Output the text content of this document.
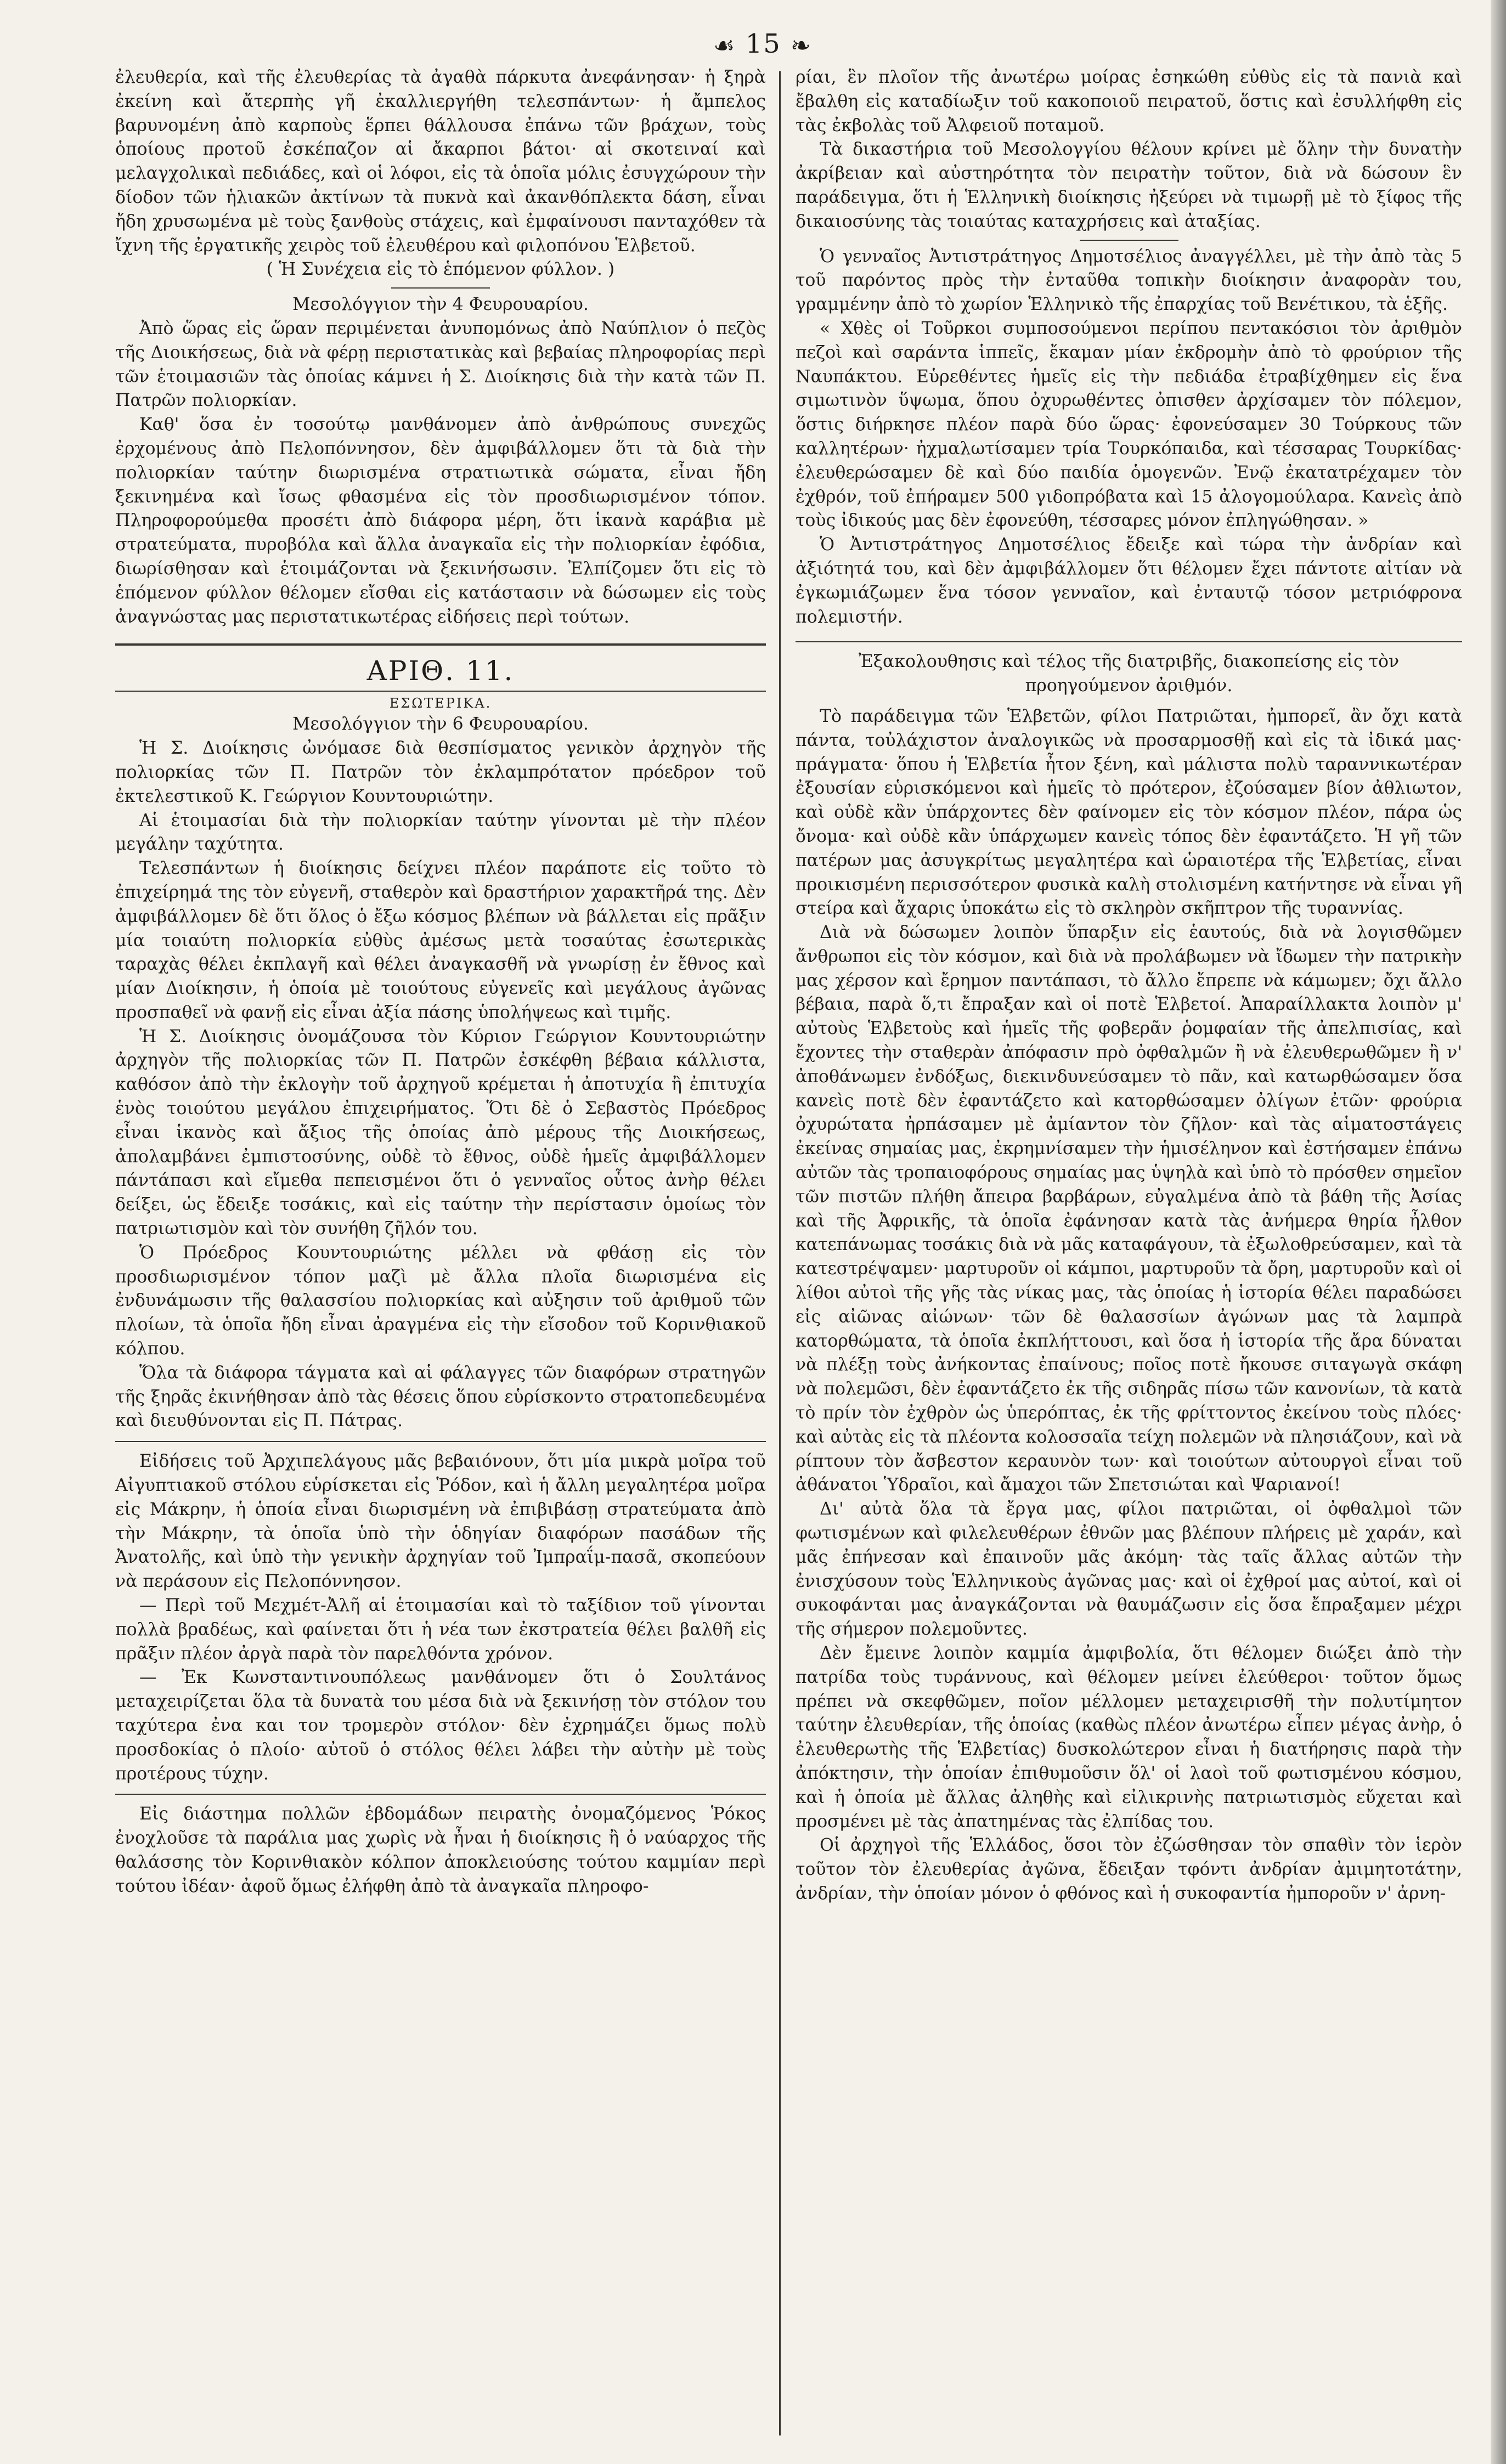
☙ 15 ❧

ἐλευθερία, καὶ τῆς ἐλευθερίας τὰ ἀγαθὰ πάρκυτα ἀνεφάνησαν· ἡ ξηρὰ ἐκείνη καὶ ἄτερπὴς γῆ ἐκαλλιεργήθη τελεσπάντων· ἡ ἄμπελος βαρυνομένη ἀπὸ καρποὺς ἕρπει θάλλουσα ἐπάνω τῶν βράχων, τοὺς ὁποίους προτοῦ ἐσκέπαζον αἱ ἄκαρποι βάτοι· αἱ σκοτειναί καὶ μελαγχολικαὶ πεδιάδες, καὶ οἱ λόφοι, εἰς τὰ ὁποῖα μόλις ἐσυγχώρουν τὴν δίοδον τῶν ἡλιακῶν ἀκτίνων τὰ πυκνὰ καὶ ἀκανθόπλεκτα δάση, εἶναι ἤδη χρυσωμένα μὲ τοὺς ξανθοὺς στάχεις, καὶ ἐμφαίνουσι πανταχόθεν τὰ ἴχνη τῆς ἐργατικῆς χειρὸς τοῦ ἐλευθέρου καὶ φιλοπόνου Ἑλβετοῦ.

( Ἡ Συνέχεια εἰς τὸ ἑπόμενον φύλλον. )

Μεσολόγγιον τὴν 4 Φευρουαρίου.

Ἀπὸ ὥρας εἰς ὥραν περιμένεται ἀνυπομόνως ἀπὸ Ναύπλιον ὁ πεζὸς τῆς Διοικήσεως, διὰ νὰ φέρῃ περιστατικὰς καὶ βεβαίας πληροφορίας περὶ τῶν ἑτοιμασιῶν τὰς ὁποίας κάμνει ἡ Σ. Διοίκησις διὰ τὴν κατὰ τῶν Π. Πατρῶν πολιορκίαν.

Καθ' ὅσα ἐν τοσούτῳ μανθάνομεν ἀπὸ ἀνθρώπους συνεχῶς ἐρχομένους ἀπὸ Πελοπόννησον, δὲν ἀμφιβάλλομεν ὅτι τὰ διὰ τὴν πολιορκίαν ταύτην διωρισμένα στρατιωτικὰ σώματα, εἶναι ἤδη ξεκινημένα καὶ ἴσως φθασμένα εἰς τὸν προσδιωρισμένον τόπον. Πληροφορούμεθα προσέτι ἀπὸ διάφορα μέρη, ὅτι ἱκανὰ καράβια μὲ στρατεύματα, πυροβόλα καὶ ἄλλα ἀναγκαῖα εἰς τὴν πολιορκίαν ἐφόδια, διωρίσθησαν καὶ ἑτοιμάζονται νὰ ξεκινήσωσιν. Ἐλπίζομεν ὅτι εἰς τὸ ἑπόμενον φύλλον θέλομεν εἴσθαι εἰς κατάστασιν νὰ δώσωμεν εἰς τοὺς ἀναγνώστας μας περιστατικωτέρας εἰδήσεις περὶ τούτων.

ΑΡΙΘ. 11.

ΕΣΩΤΕΡΙΚΑ.

Μεσολόγγιον τὴν 6 Φευρουαρίου.

Ἡ Σ. Διοίκησις ὠνόμασε διὰ θεσπίσματος γενικὸν ἀρχηγὸν τῆς πολιορκίας τῶν Π. Πατρῶν τὸν ἐκλαμπρότατον πρόεδρον τοῦ ἐκτελεστικοῦ Κ. Γεώργιον Κουντουριώτην.

Αἱ ἑτοιμασίαι διὰ τὴν πολιορκίαν ταύτην γίνονται μὲ τὴν πλέον μεγάλην ταχύτητα.

Τελεσπάντων ἡ διοίκησις δείχνει πλέον παράποτε εἰς τοῦτο τὸ ἐπιχείρημά της τὸν εὐγενῆ, σταθερὸν καὶ δραστήριον χαρακτῆρά της. Δὲν ἀμφιβάλλομεν δὲ ὅτι ὅλος ὁ ἔξω κόσμος βλέπων νὰ βάλλεται εἰς πρᾶξιν μία τοιαύτη πολιορκία εὐθὺς ἀμέσως μετὰ τοσαύτας ἐσωτερικὰς ταραχὰς θέλει ἐκπλαγῆ καὶ θέλει ἀναγκασθῆ νὰ γνωρίσῃ ἐν ἔθνος καὶ μίαν Διοίκησιν, ἡ ὁποία μὲ τοιούτους εὐγενεῖς καὶ μεγάλους ἀγῶνας προσπαθεῖ νὰ φανῇ εἰς εἶναι ἀξία πάσης ὑπολήψεως καὶ τιμῆς.

Ἡ Σ. Διοίκησις ὀνομάζουσα τὸν Κύριον Γεώργιον Κουντουριώτην ἀρχηγὸν τῆς πολιορκίας τῶν Π. Πατρῶν ἐσκέφθη βέβαια κάλλιστα, καθόσον ἀπὸ τὴν ἐκλογὴν τοῦ ἀρχηγοῦ κρέμεται ἡ ἀποτυχία ἢ ἐπιτυχία ἑνὸς τοιούτου μεγάλου ἐπιχειρήματος. Ὅτι δὲ ὁ Σεβαστὸς Πρόεδρος εἶναι ἱκανὸς καὶ ἄξιος τῆς ὁποίας ἀπὸ μέρους τῆς Διοικήσεως, ἀπολαμβάνει ἐμπιστοσύνης, οὐδὲ τὸ ἔθνος, οὐδὲ ἡμεῖς ἀμφιβάλλομεν πάντάπασι καὶ εἴμεθα πεπεισμένοι ὅτι ὁ γενναῖος οὗτος ἀνὴρ θέλει δείξει, ὡς ἔδειξε τοσάκις, καὶ εἰς ταύτην τὴν περίστασιν ὁμοίως τὸν πατριωτισμὸν καὶ τὸν συνήθη ζῆλόν του.

Ὁ Πρόεδρος Κουντουριώτης μέλλει νὰ φθάσῃ εἰς τὸν προσδιωρισμένον τόπον μαζὶ μὲ ἄλλα πλοῖα διωρισμένα εἰς ἐνδυνάμωσιν τῆς θαλασσίου πολιορκίας καὶ αὐξησιν τοῦ ἀριθμοῦ τῶν πλοίων, τὰ ὁποῖα ἤδη εἶναι ἀραγμένα εἰς τὴν εἴσοδον τοῦ Κορινθιακοῦ κόλπου.

Ὅλα τὰ διάφορα τάγματα καὶ αἱ φάλαγγες τῶν διαφόρων στρατηγῶν τῆς ξηρᾶς ἐκινήθησαν ἀπὸ τὰς θέσεις ὅπου εὑρίσκοντο στρατοπεδευμένα καὶ διευθύνονται εἰς Π. Πάτρας.

Εἰδήσεις τοῦ Ἀρχιπελάγους μᾶς βεβαιόνουν, ὅτι μία μικρὰ μοῖρα τοῦ Αἰγυπτιακοῦ στόλου εὑρίσκεται εἰς Ῥόδον, καὶ ἡ ἄλλη μεγαλητέρα μοῖρα εἰς Μάκρην, ἡ ὁποία εἶναι διωρισμένη νὰ ἐπιβιβάσῃ στρατεύματα ἀπὸ τὴν Μάκρην, τὰ ὁποῖα ὑπὸ τὴν ὁδηγίαν διαφόρων πασάδων τῆς Ἀνατολῆς, καὶ ὑπὸ τὴν γενικὴν ἀρχηγίαν τοῦ Ἰμπραΐμ-πασᾶ, σκοπεύουν νὰ περάσουν εἰς Πελοπόννησον.

— Περὶ τοῦ Μεχμέτ-Ἀλῆ αἱ ἑτοιμασίαι καὶ τὸ ταξίδιον τοῦ γίνονται πολλὰ βραδέως, καὶ φαίνεται ὅτι ἡ νέα των ἐκστρατεία θέλει βαλθῆ εἰς πρᾶξιν πλέον ἀργὰ παρὰ τὸν παρελθόντα χρόνον.

— Ἐκ Κωνσταντινουπόλεως μανθάνομεν ὅτι ὁ Σουλτάνος μεταχειρίζεται ὅλα τὰ δυνατὰ του μέσα διὰ νὰ ξεκινήσῃ τὸν στόλον του ταχύτερα ἐνα και τον τρομερὸν στόλον· δὲν ἐχρημάζει ὅμως πολὺ προσδοκίας ὁ πλοίο· αὐτοῦ ὁ στόλος θέλει λάβει τὴν αὐτὴν μὲ τοὺς προτέρους τύχην.

Εἰς διάστημα πολλῶν ἑβδομάδων πειρατὴς ὀνομαζόμενος Ῥόκος ἐνοχλοῦσε τὰ παράλια μας χωρὶς νὰ ἦναι ἡ διοίκησις ἢ ὁ ναύαρχος τῆς θαλάσσης τὸν Κορινθιακὸν κόλπον ἀποκλειούσης τούτου καμμίαν περὶ τούτου ἰδέαν· ἀφοῦ ὅμως ἐλήφθη ἀπὸ τὰ ἀναγκαῖα πληροφο-

ρίαι, ἓν πλοῖον τῆς ἀνωτέρω μοίρας ἐσηκώθη εὐθὺς εἰς τὰ πανιὰ καὶ ἔβαλθη εἰς καταδίωξιν τοῦ κακοποιοῦ πειρατοῦ, ὅστις καὶ ἐσυλλήφθη εἰς τὰς ἐκβολὰς τοῦ Ἀλφειοῦ ποταμοῦ.

Τὰ δικαστήρια τοῦ Μεσολογγίου θέλουν κρίνει μὲ ὅλην τὴν δυνατὴν ἀκρίβειαν καὶ αὐστηρότητα τὸν πειρατὴν τοῦτον, διὰ νὰ δώσουν ἓν παράδειγμα, ὅτι ἡ Ἑλληνικὴ διοίκησις ἠξεύρει νὰ τιμωρῇ μὲ τὸ ξίφος τῆς δικαιοσύνης τὰς τοιαύτας καταχρήσεις καὶ ἀταξίας.

Ὁ γενναῖος Ἀντιστράτηγος Δημοτσέλιος ἀναγγέλλει, μὲ τὴν ἀπὸ τὰς 5 τοῦ παρόντος πρὸς τὴν ἐνταῦθα τοπικὴν διοίκησιν ἀναφορὰν του, γραμμένην ἀπὸ τὸ χωρίον Ἑλληνικὸ τῆς ἐπαρχίας τοῦ Βενέτικου, τὰ ἑξῆς.

« Χθὲς οἱ Τοῦρκοι συμποσούμενοι περίπου πεντακόσιοι τὸν ἀριθμὸν πεζοὶ καὶ σαράντα ἱππεῖς, ἔκαμαν μίαν ἐκδρομὴν ἀπὸ τὸ φρούριον τῆς Ναυπάκτου. Εὑρεθέντες ἡμεῖς εἰς τὴν πεδιάδα ἐτραβίχθημεν εἰς ἕνα σιμωτινὸν ὕψωμα, ὅπου ὀχυρωθέντες ὀπισθεν ἀρχίσαμεν τὸν πόλεμον, ὅστις διήρκησε πλέον παρὰ δύο ὥρας· ἐφονεύσαμεν 30 Τούρκους τῶν καλλητέρων· ἠχμαλωτίσαμεν τρία Τουρκόπαιδα, καὶ τέσσαρας Τουρκίδας· ἐλευθερώσαμεν δὲ καὶ δύο παιδία ὁμογενῶν. Ἐνῷ ἐκατατρέχαμεν τὸν ἐχθρόν, τοῦ ἐπήραμεν 500 γιδοπρόβατα καὶ 15 ἀλογομούλαρα. Κανεὶς ἀπὸ τοὺς ἰδικούς μας δὲν ἐφονεύθη, τέσσαρες μόνον ἐπληγώθησαν. »

Ὁ Ἀντιστράτηγος Δημοτσέλιος ἔδειξε καὶ τώρα τὴν ἀνδρίαν καὶ ἀξιότητά του, καὶ δὲν ἀμφιβάλλομεν ὅτι θέλομεν ἔχει πάντοτε αἰτίαν νὰ ἐγκωμιάζωμεν ἕνα τόσον γενναῖον, καὶ ἐνταυτῷ τόσον μετριόφρονα πολεμιστήν.

Ἐξακολουθησις καὶ τέλος τῆς διατριβῆς, διακοπείσης εἰς τὸν

προηγούμενον ἀριθμόν.

Τὸ παράδειγμα τῶν Ἑλβετῶν, φίλοι Πατριῶται, ἠμπορεῖ, ἂν ὄχι κατὰ πάντα, τοὐλάχιστον ἀναλογικῶς νὰ προσαρμοσθῇ καὶ εἰς τὰ ἰδικά μας· πράγματα· ὅπου ἡ Ἑλβετία ἦτον ξένη, καὶ μάλιστα πολὺ ταραννικωτέραν ἐξουσίαν εὑρισκόμενοι καὶ ἡμεῖς τὸ πρότερον, ἐζούσαμεν βίον ἀθλιωτον, καὶ οὐδὲ κἂν ὑπάρχοντες δὲν φαίνομεν εἰς τὸν κόσμον πλέον, πάρα ὡς ὄνομα· καὶ οὐδὲ κἂν ὑπάρχωμεν κανεὶς τόπος δὲν ἐφαντάζετο. Ἡ γῆ τῶν πατέρων μας ἀσυγκρίτως μεγαλητέρα καὶ ὡραιοτέρα τῆς Ἑλβετίας, εἶναι προικισμένη περισσότερον φυσικὰ καλὴ στολισμένη κατήντησε νὰ εἶναι γῆ στείρα καὶ ἄχαρις ὑποκάτω εἰς τὸ σκληρὸν σκῆπτρον τῆς τυραννίας.

Διὰ νὰ δώσωμεν λοιπὸν ὕπαρξιν εἰς ἑαυτούς, διὰ νὰ λογισθῶμεν ἄνθρωποι εἰς τὸν κόσμον, καὶ διὰ νὰ προλάβωμεν νὰ ἴδωμεν τὴν πατρικὴν μας χέρσον καὶ ἔρημον παντάπασι, τὸ ἄλλο ἔπρεπε νὰ κάμωμεν; ὄχι ἄλλο βέβαια, παρὰ ὅ,τι ἔπραξαν καὶ οἱ ποτὲ Ἑλβετοί. Ἀπαραίλλακτα λοιπὸν μ' αὐτοὺς Ἑλβετοὺς καὶ ἡμεῖς τῆς φοβερᾶν ῥομφαίαν τῆς ἀπελπισίας, καὶ ἔχοντες τὴν σταθερὰν ἀπόφασιν πρὸ ὀφθαλμῶν ἢ νὰ ἐλευθερωθῶμεν ἢ ν' ἀποθάνωμεν ἐνδόξως, διεκινδυνεύσαμεν τὸ πᾶν, καὶ κατωρθώσαμεν ὅσα κανεὶς ποτὲ δὲν ἐφαντάζετο καὶ κατορθώσαμεν ὀλίγων ἐτῶν· φρούρια ὀχυρώτατα ἠρπάσαμεν μὲ ἀμίαντον τὸν ζῆλον· καὶ τὰς αἱματοστάγεις ἐκείνας σημαίας μας, ἐκρημνίσαμεν τὴν ἡμισέληνον καὶ ἐστήσαμεν ἐπάνω αὐτῶν τὰς τροπαιοφόρους σημαίας μας ὑψηλὰ καὶ ὑπὸ τὸ πρόσθεν σημεῖον τῶν πιστῶν πλήθη ἄπειρα βαρβάρων, εὐγαλμένα ἀπὸ τὰ βάθη τῆς Ἀσίας καὶ τῆς Ἀφρικῆς, τὰ ὁποῖα ἐφάνησαν κατὰ τὰς ἀνήμερα θηρία ἦλθον κατεπάνωμας τοσάκις διὰ νὰ μᾶς καταφάγουν, τὰ ἐξωλοθρεύσαμεν, καὶ τὰ κατεστρέψαμεν· μαρτυροῦν οἱ κάμποι, μαρτυροῦν τὰ ὄρη, μαρτυροῦν καὶ οἱ λίθοι αὐτοὶ τῆς γῆς τὰς νίκας μας, τὰς ὁποίας ἡ ἱστορία θέλει παραδώσει εἰς αἰῶνας αἰώνων· τῶν δὲ θαλασσίων ἀγώνων μας τὰ λαμπρὰ κατορθώματα, τὰ ὁποῖα ἐκπλήττουσι, καὶ ὅσα ἡ ἱστορία τῆς ἄρα δύναται νὰ πλέξῃ τοὺς ἀνήκοντας ἐπαίνους; ποῖος ποτὲ ἤκουσε σιταγωγὰ σκάφη νὰ πολεμῶσι, δὲν ἐφαντάζετο ἐκ τῆς σιδηρᾶς πίσω τῶν κανονίων, τὰ κατὰ τὸ πρίν τὸν ἐχθρὸν ὡς ὑπερόπτας, ἐκ τῆς φρίττοντος ἐκείνου τοὺς πλόες· καὶ αὐτὰς εἰς τὰ πλέοντα κολοσσαῖα τείχη πολεμῶν νὰ πλησιάζουν, καὶ νὰ ρίπτουν τὸν ἄσβεστον κεραυνὸν των· καὶ τοιούτων αὐτουργοὶ εἶναι τοῦ ἀθάνατοι Ὑδραῖοι, καὶ ἄμαχοι τῶν Σπετσιώται καὶ Ψαριανοί!

Δι' αὐτὰ ὅλα τὰ ἔργα μας, φίλοι πατριῶται, οἱ ὀφθαλμοὶ τῶν φωτισμένων καὶ φιλελευθέρων ἐθνῶν μας βλέπουν πλήρεις μὲ χαράν, καὶ μᾶς ἐπήνεσαν καὶ ἐπαινοῦν μᾶς ἀκόμη· τὰς ταῖς ἄλλας αὐτῶν τὴν ἐνισχύσουν τοὺς Ἑλληνικοὺς ἀγῶνας μας· καὶ οἱ ἐχθροί μας αὐτοί, καὶ οἱ συκοφάνται μας ἀναγκάζονται νὰ θαυμάζωσιν εἰς ὅσα ἔπραξαμεν μέχρι τῆς σήμερον πολεμοῦντες.

Δὲν ἔμεινε λοιπὸν καμμία ἀμφιβολία, ὅτι θέλομεν διώξει ἀπὸ τὴν πατρίδα τοὺς τυράννους, καὶ θέλομεν μείνει ἐλεύθεροι· τοῦτον ὅμως πρέπει νὰ σκεφθῶμεν, ποῖον μέλλομεν μεταχειρισθῆ τὴν πολυτίμητον ταύτην ἐλευθερίαν, τῆς ὁποίας (καθὼς πλέον ἀνωτέρω εἶπεν μέγας ἀνὴρ, ὁ ἐλευθερωτὴς τῆς Ἑλβετίας) δυσκολώτερον εἶναι ἡ διατήρησις παρὰ τὴν ἀπόκτησιν, τὴν ὁποίαν ἐπιθυμοῦσιν ὅλ' οἱ λαοὶ τοῦ φωτισμένου κόσμου, καὶ ἡ ὁποία μὲ ἄλλας ἀληθὴς καὶ εἰλικρινὴς πατριωτισμὸς εὔχεται καὶ προσμένει μὲ τὰς ἀπατημένας τὰς ἐλπίδας του.

Οἱ ἀρχηγοὶ τῆς Ἑλλάδος, ὅσοι τὸν ἐζώσθησαν τὸν σπαθὶν τὸν ἱερὸν τοῦτον τὸν ἐλευθερίας ἀγῶνα, ἔδειξαν τφόντι ἀνδρίαν ἀμιμητοτάτην, ἀνδρίαν, τὴν ὁποίαν μόνον ὁ φθόνος καὶ ἡ συκοφαντία ἠμποροῦν ν' ἀρνη-
